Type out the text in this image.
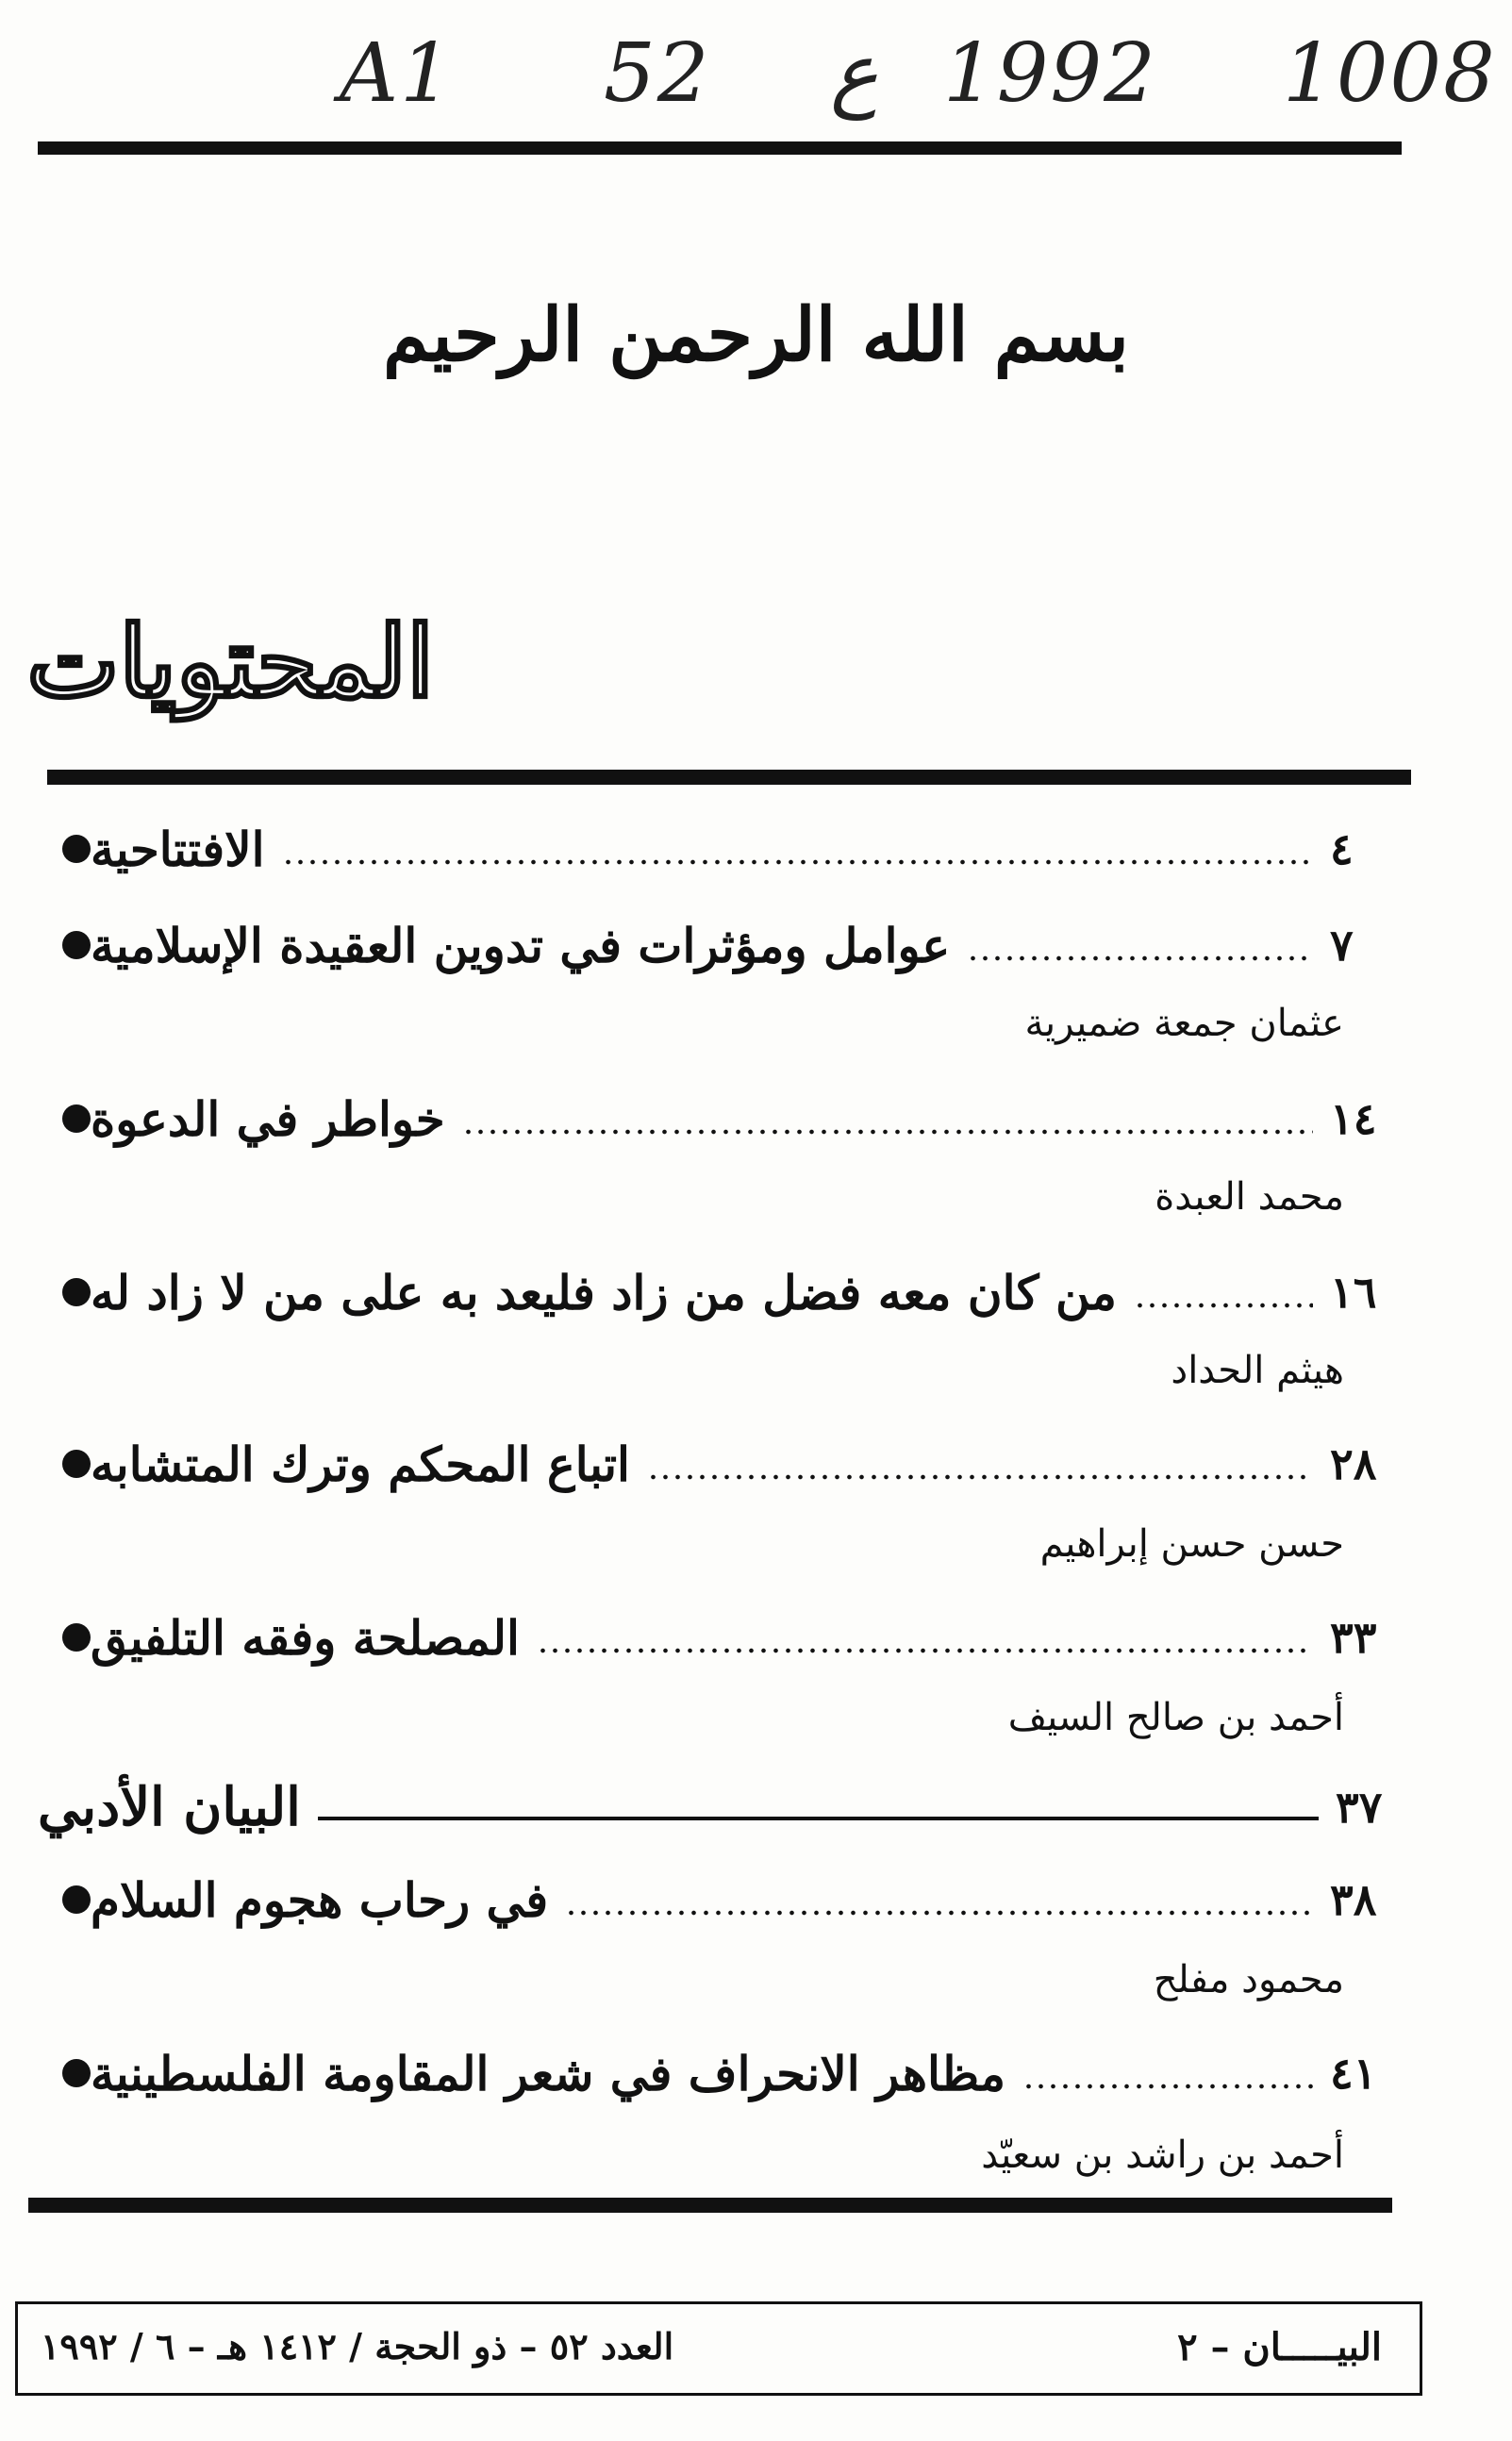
A1 52 ع 1992 1008
بسم الله الرحمن الرحيم
المحتويات
الافتتاحية	٤
عوامل ومؤثرات في تدوين العقيدة الإسلامية	٧
عثمان جمعة ضميرية
خواطر في الدعوة	١٤
محمد العبدة
من كان معه فضل من زاد فليعد به على من لا زاد له	١٦
هيثم الحداد
اتباع المحكم وترك المتشابه	٢٨
حسن حسن إبراهيم
المصلحة وفقه التلفيق	٣٣
أحمد بن صالح السيف
البيان الأدبي	٣٧
في رحاب هجوم السلام	٣٨
محمود مفلح
مظاهر الانحراف في شعر المقاومة الفلسطينية	٤١
أحمد بن راشد بن سعيّد
البيـــــان – ٢
العدد ٥٢ – ذو الحجة / ١٤١٢ هـ – ٦ / ١٩٩٢
